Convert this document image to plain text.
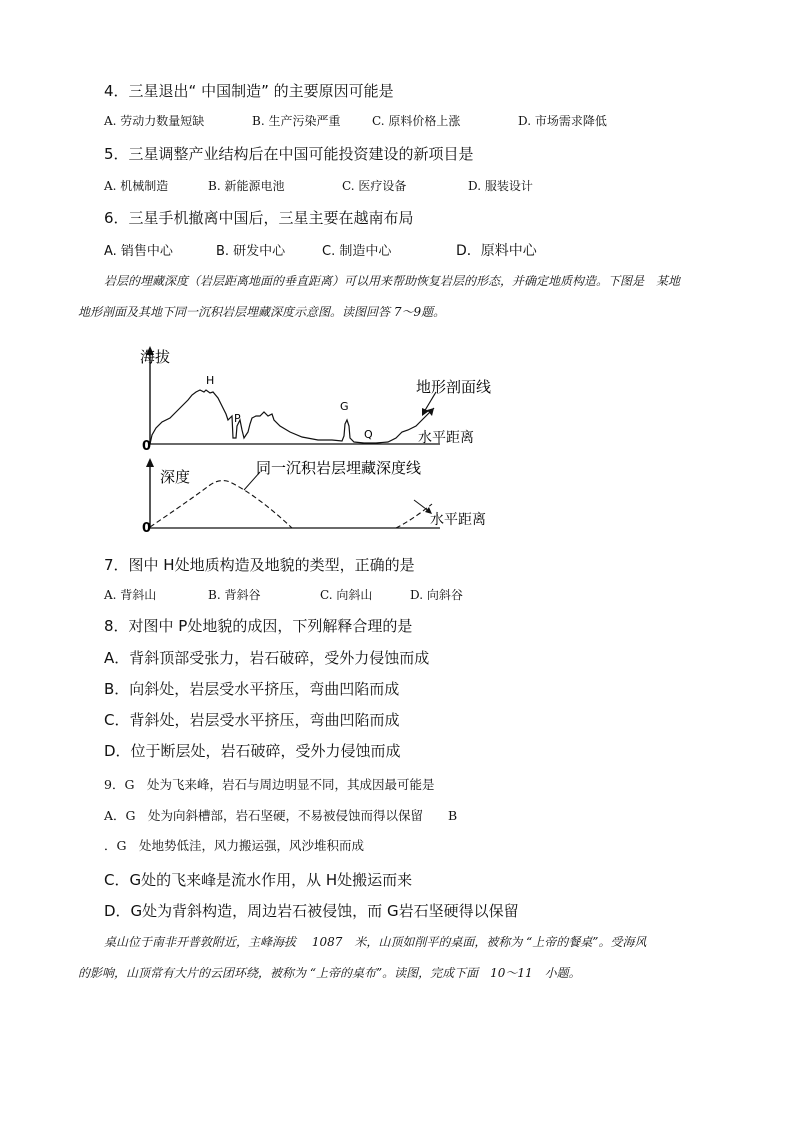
4．三星退出“ 中国制造” 的主要原因可能是
A. 劳动力数量短缺	B. 生产污染严重	C. 原料价格上涨	D. 市场需求降低
5．三星调整产业结构后在中国可能投资建设的新项目是
A. 机械制造	B. 新能源电池	C. 医疗设备	D. 服装设计
6．三星手机撤离中国后，三星主要在越南布局
A. 销售中心	B. 研发中心	C. 制造中心	D．原料中心
岩层的埋藏深度（岩层距离地面的垂直距离）可以用来帮助恢复岩层的形态，并确定地质构造。下图是　某地
地形剖面及其地下同一沉积岩层埋藏深度示意图。读图回答 7～9题。
海拔
0
H
P
G
Q
地形剖面线
水平距离
深度
0
同一沉积岩层埋藏深度线
水平距离
7．图中 H处地质构造及地貌的类型，正确的是
A. 背斜山	B. 背斜谷	C. 向斜山	D. 向斜谷
8．对图中 P处地貌的成因，下列解释合理的是
A．背斜顶部受张力，岩石破碎，受外力侵蚀而成
B．向斜处，岩层受水平挤压，弯曲凹陷而成
C．背斜处，岩层受水平挤压，弯曲凹陷而成
D．位于断层处，岩石破碎，受外力侵蚀而成
9．G　处为飞来峰，岩石与周边明显不同，其成因最可能是
A．G　处为向斜槽部，岩石坚硬，不易被侵蚀而得以保留　　B
．G　处地势低洼，风力搬运强，风沙堆积而成
C．G处的飞来峰是流水作用，从 H处搬运而来
D．G处为背斜构造，周边岩石被侵蚀，而 G岩石坚硬得以保留
桌山位于南非开普敦附近，主峰海拔　 1087　米，山顶如削平的桌面，被称为 “上帝的餐桌”。受海风
的影响，山顶常有大片的云团环绕，被称为 “上帝的桌布”。读图，完成下面　10～11　小题。
